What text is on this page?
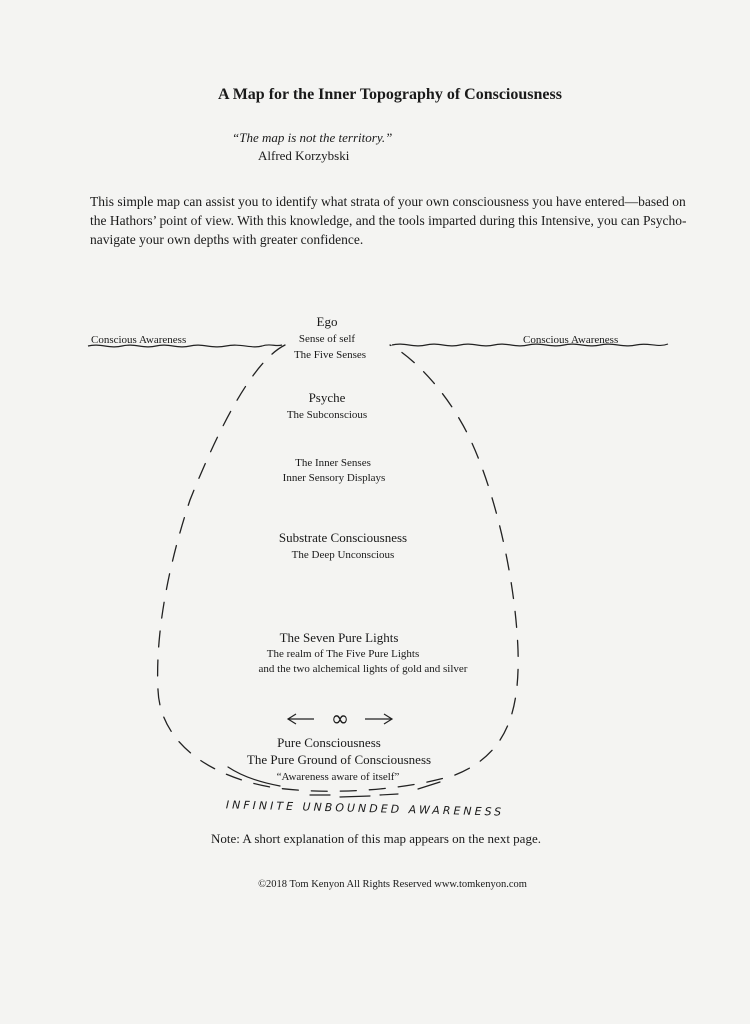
A Map for the Inner Topography of Consciousness
“The map is not the territory.”
Alfred Korzybski
This simple map can assist you to identify what strata of your own consciousness you have entered—based on the Hathors’ point of view. With this knowledge, and the tools imparted during this Intensive, you can Psycho-navigate your own depths with greater confidence.
Conscious Awareness	Conscious Awareness
Ego
Sense of self
The Five Senses
Psyche
The Subconscious
The Inner Senses
Inner Sensory Displays
Substrate Consciousness
The Deep Unconscious
The Seven Pure Lights
The realm of The Five Pure Lights
and the two alchemical lights of gold and silver
∞
Pure Consciousness
The Pure Ground of Consciousness
“Awareness aware of itself”
INFINITE UNBOUNDED AWARENESS
Note: A short explanation of this map appears on the next page.
©2018 Tom Kenyon All Rights Reserved www.tomkenyon.com
